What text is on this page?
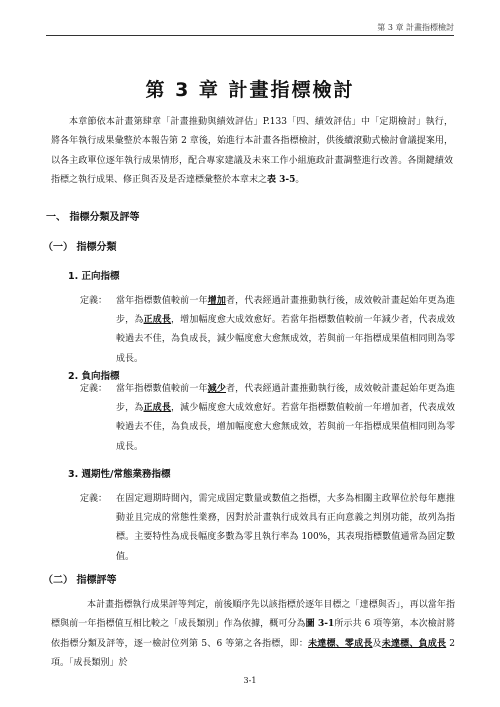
第 3 章 計畫指標檢討
第 3 章 計畫指標檢討

本章節依本計畫第肆章「計畫推動與績效評估」P.133「四、績效評估」中「定期檢討」執行，將各年執行成果彙整於本報告第 2 章後，始進行本計畫各指標檢討，供後續滾動式檢討會議提案用，以各主政單位逐年執行成果情形，配合專家建議及未來工作小組施政計畫調整進行改善。各開鍵績效指標之執行成果、修正與否及是否達標彙整於本章末之表 3-5。

一、 指標分類及評等
（一） 指標分類
1. 正向指標

定義： 當年指標數值較前一年增加者，代表經過計畫推動執行後，成效較計畫起始年更為進步，為正成長，增加幅度愈大成效愈好。若當年指標數值較前一年減少者，代表成效較過去不佳，為負成長，減少幅度愈大愈無成效，若與前一年指標成果值相同則為零成長。

2. 負向指標

定義： 當年指標數值較前一年減少者，代表經過計畫推動執行後，成效較計畫起始年更為進步，為正成長，減少幅度愈大成效愈好。若當年指標數值較前一年增加者，代表成效較過去不佳，為負成長，增加幅度愈大愈無成效，若與前一年指標成果值相同則為零成長。

3. 週期性/常態業務指標

定義： 在固定週期時間內，需完成固定數量或數值之指標，大多為相關主政單位於每年應推動並且完成的常態性業務，因對於計畫執行成效具有正向意義之判別功能，故列為指標。主要特性為成長幅度多數為零且執行率為 100%，其表現指標數值通常為固定數值。

（二） 指標評等

本計畫指標執行成果評等判定，前後順序先以該指標於逐年目標之「達標與否」，再以當年指標與前一年指標值互相比較之「成長類別」作為依據，概可分為圖 3-1所示共 6 項等第，本次檢討將依指標分類及評等，逐一檢討位列第 5、6 等第之各指標，即：未達標、零成長及未達標、負成長 2 項。「成長類別」於

3-1
